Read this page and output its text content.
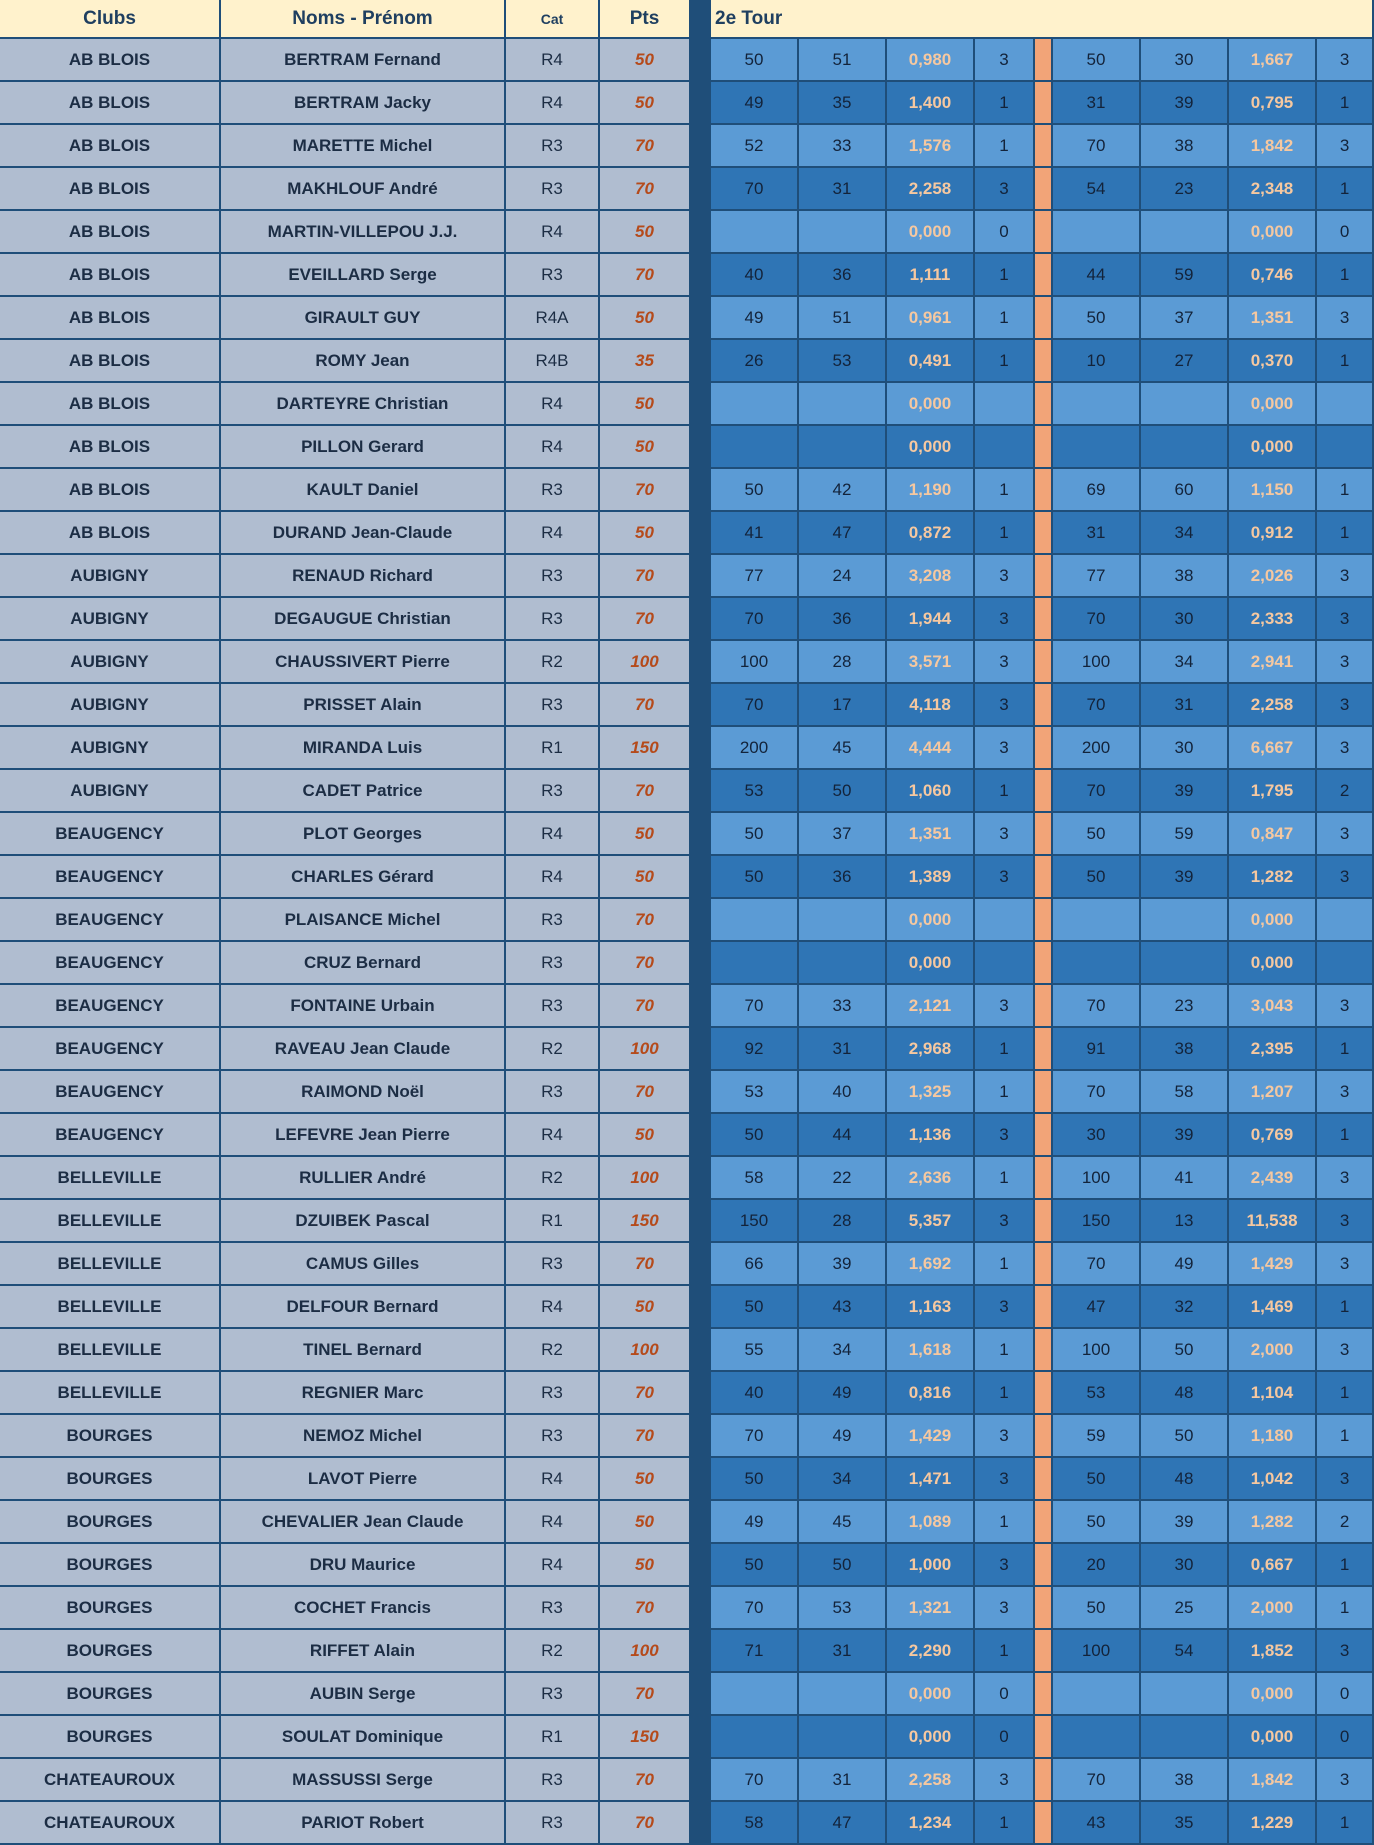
Clubs	Noms - Prénom	Cat	Pts		2e Tour								
AB BLOIS	BERTRAM Fernand	R4	50		50	51	0,980	3		50	30	1,667	3
AB BLOIS	BERTRAM Jacky	R4	50		49	35	1,400	1		31	39	0,795	1
AB BLOIS	MARETTE Michel	R3	70		52	33	1,576	1		70	38	1,842	3
AB BLOIS	MAKHLOUF André	R3	70		70	31	2,258	3		54	23	2,348	1
AB BLOIS	MARTIN-VILLEPOU J.J.	R4	50				0,000	0				0,000	0
AB BLOIS	EVEILLARD Serge	R3	70		40	36	1,111	1		44	59	0,746	1
AB BLOIS	GIRAULT GUY	R4A	50		49	51	0,961	1		50	37	1,351	3
AB BLOIS	ROMY Jean	R4B	35		26	53	0,491	1		10	27	0,370	1
AB BLOIS	DARTEYRE Christian	R4	50				0,000					0,000	
AB BLOIS	PILLON Gerard	R4	50				0,000					0,000	
AB BLOIS	KAULT Daniel	R3	70		50	42	1,190	1		69	60	1,150	1
AB BLOIS	DURAND Jean-Claude	R4	50		41	47	0,872	1		31	34	0,912	1
AUBIGNY	RENAUD Richard	R3	70		77	24	3,208	3		77	38	2,026	3
AUBIGNY	DEGAUGUE Christian	R3	70		70	36	1,944	3		70	30	2,333	3
AUBIGNY	CHAUSSIVERT Pierre	R2	100		100	28	3,571	3		100	34	2,941	3
AUBIGNY	PRISSET Alain	R3	70		70	17	4,118	3		70	31	2,258	3
AUBIGNY	MIRANDA Luis	R1	150		200	45	4,444	3		200	30	6,667	3
AUBIGNY	CADET Patrice	R3	70		53	50	1,060	1		70	39	1,795	2
BEAUGENCY	PLOT Georges	R4	50		50	37	1,351	3		50	59	0,847	3
BEAUGENCY	CHARLES Gérard	R4	50		50	36	1,389	3		50	39	1,282	3
BEAUGENCY	PLAISANCE Michel	R3	70				0,000					0,000	
BEAUGENCY	CRUZ Bernard	R3	70				0,000					0,000	
BEAUGENCY	FONTAINE Urbain	R3	70		70	33	2,121	3		70	23	3,043	3
BEAUGENCY	RAVEAU Jean Claude	R2	100		92	31	2,968	1		91	38	2,395	1
BEAUGENCY	RAIMOND Noël	R3	70		53	40	1,325	1		70	58	1,207	3
BEAUGENCY	LEFEVRE Jean Pierre	R4	50		50	44	1,136	3		30	39	0,769	1
BELLEVILLE	RULLIER André	R2	100		58	22	2,636	1		100	41	2,439	3
BELLEVILLE	DZUIBEK Pascal	R1	150		150	28	5,357	3		150	13	11,538	3
BELLEVILLE	CAMUS Gilles	R3	70		66	39	1,692	1		70	49	1,429	3
BELLEVILLE	DELFOUR Bernard	R4	50		50	43	1,163	3		47	32	1,469	1
BELLEVILLE	TINEL Bernard	R2	100		55	34	1,618	1		100	50	2,000	3
BELLEVILLE	REGNIER Marc	R3	70		40	49	0,816	1		53	48	1,104	1
BOURGES	NEMOZ Michel	R3	70		70	49	1,429	3		59	50	1,180	1
BOURGES	LAVOT Pierre	R4	50		50	34	1,471	3		50	48	1,042	3
BOURGES	CHEVALIER Jean Claude	R4	50		49	45	1,089	1		50	39	1,282	2
BOURGES	DRU Maurice	R4	50		50	50	1,000	3		20	30	0,667	1
BOURGES	COCHET Francis	R3	70		70	53	1,321	3		50	25	2,000	1
BOURGES	RIFFET Alain	R2	100		71	31	2,290	1		100	54	1,852	3
BOURGES	AUBIN Serge	R3	70				0,000	0				0,000	0
BOURGES	SOULAT Dominique	R1	150				0,000	0				0,000	0
CHATEAUROUX	MASSUSSI Serge	R3	70		70	31	2,258	3		70	38	1,842	3
CHATEAUROUX	PARIOT Robert	R3	70		58	47	1,234	1		43	35	1,229	1
